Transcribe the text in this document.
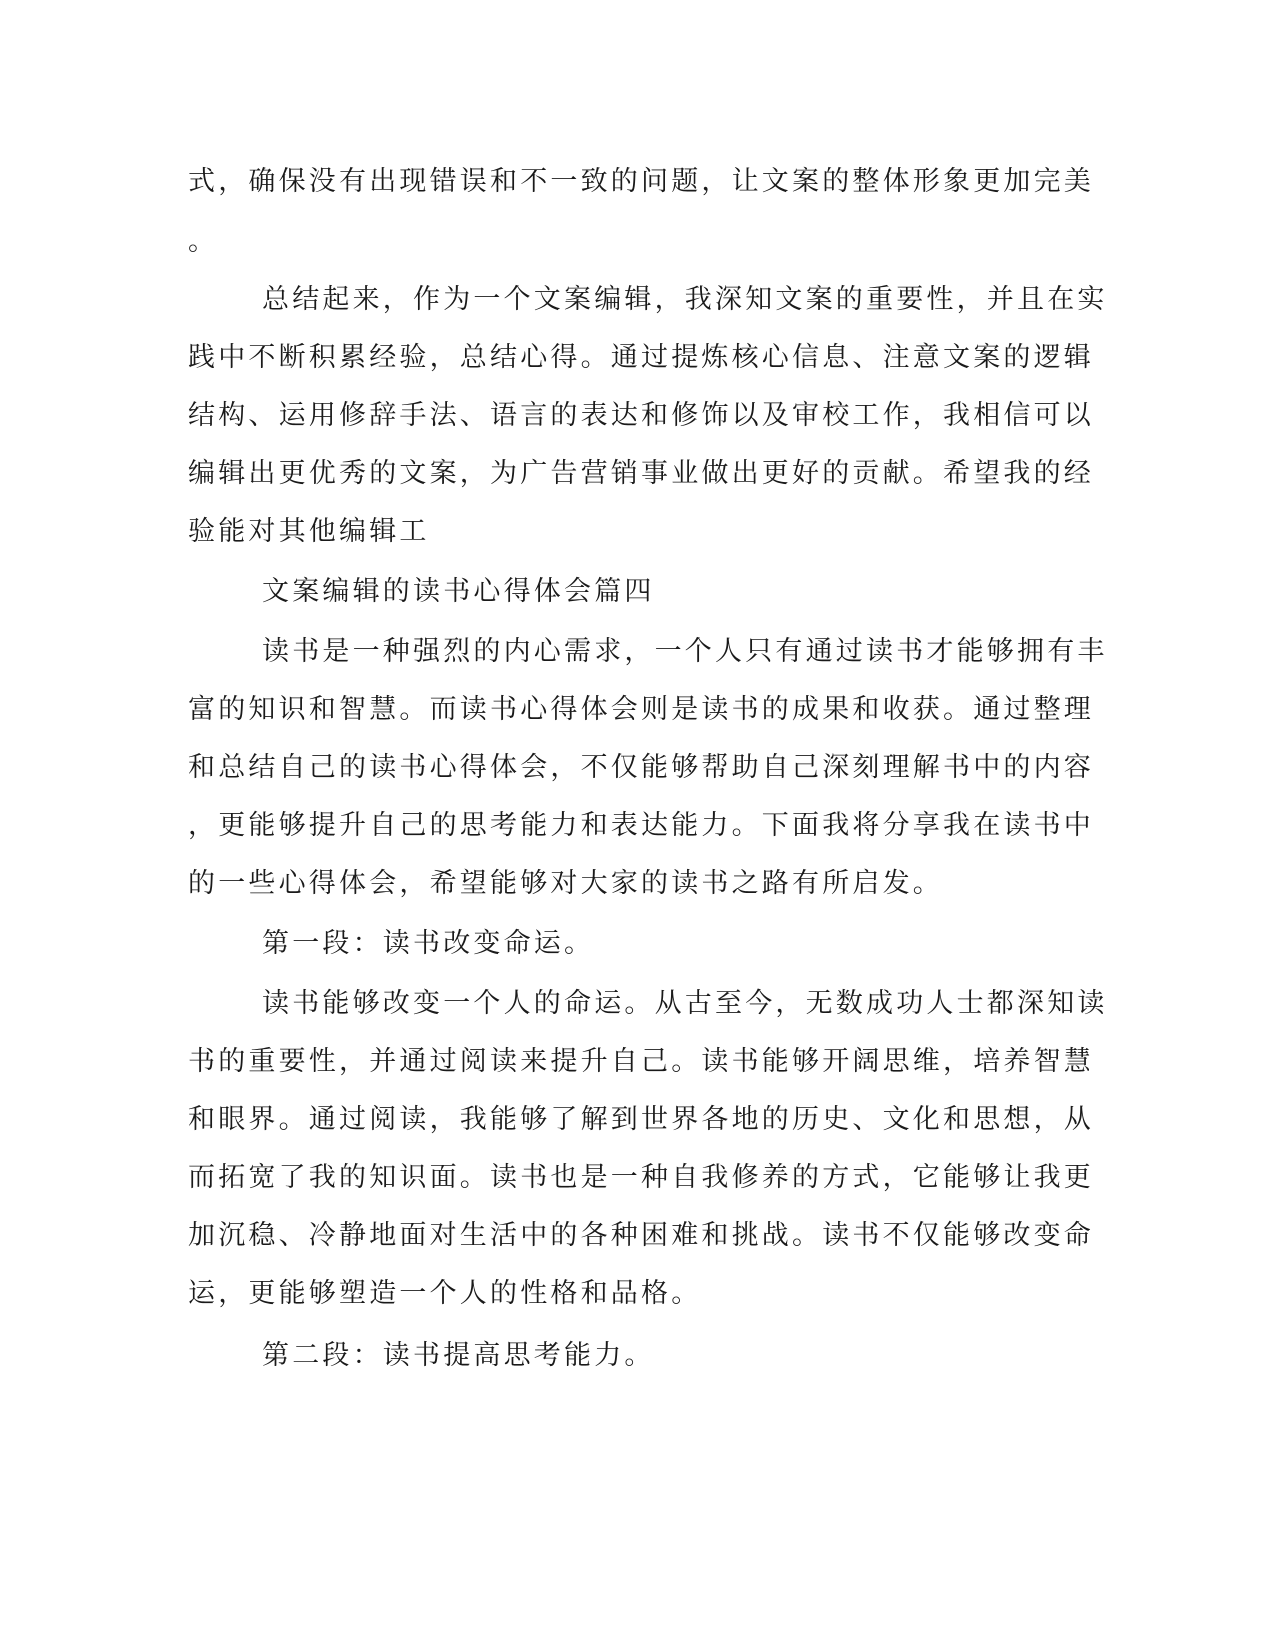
式，确保没有出现错误和不一致的问题，让文案的整体形象更加完美
。
总结起来，作为一个文案编辑，我深知文案的重要性，并且在实
践中不断积累经验，总结心得。通过提炼核心信息、注意文案的逻辑
结构、运用修辞手法、语言的表达和修饰以及审校工作，我相信可以
编辑出更优秀的文案，为广告营销事业做出更好的贡献。希望我的经
验能对其他编辑工
文案编辑的读书心得体会篇四
读书是一种强烈的内心需求，一个人只有通过读书才能够拥有丰
富的知识和智慧。而读书心得体会则是读书的成果和收获。通过整理
和总结自己的读书心得体会，不仅能够帮助自己深刻理解书中的内容
，更能够提升自己的思考能力和表达能力。下面我将分享我在读书中
的一些心得体会，希望能够对大家的读书之路有所启发。
第一段：读书改变命运。
读书能够改变一个人的命运。从古至今，无数成功人士都深知读
书的重要性，并通过阅读来提升自己。读书能够开阔思维，培养智慧
和眼界。通过阅读，我能够了解到世界各地的历史、文化和思想，从
而拓宽了我的知识面。读书也是一种自我修养的方式，它能够让我更
加沉稳、冷静地面对生活中的各种困难和挑战。读书不仅能够改变命
运，更能够塑造一个人的性格和品格。
第二段：读书提高思考能力。
